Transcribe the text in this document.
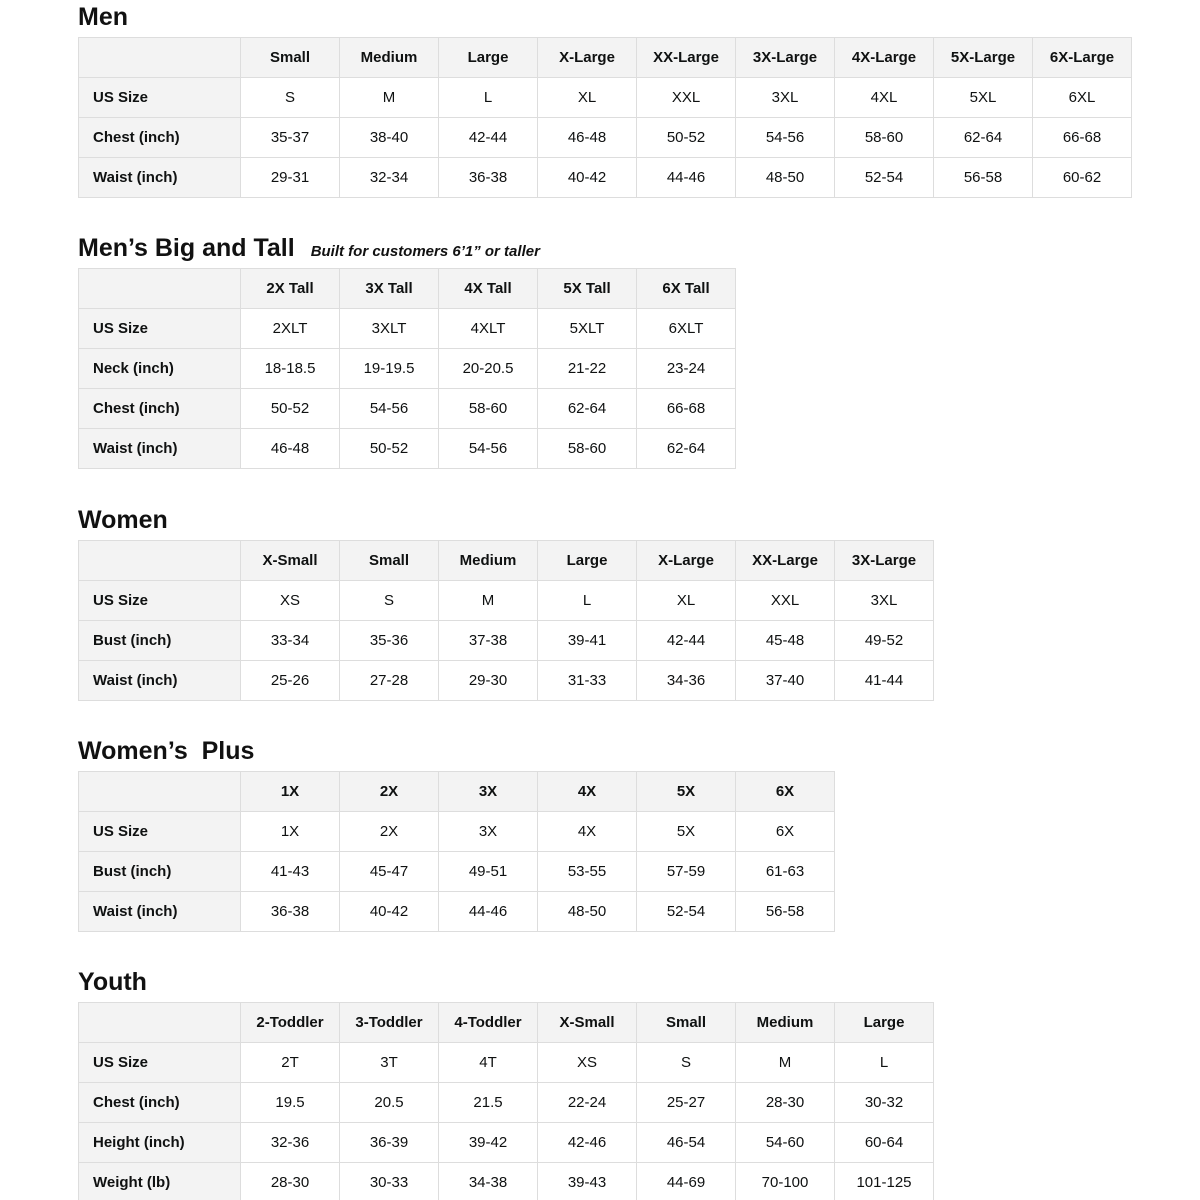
Men
	Small	Medium	Large	X-Large	XX-Large	3X-Large	4X-Large	5X-Large	6X-Large
US Size	S	M	L	XL	XXL	3XL	4XL	5XL	6XL
Chest (inch)	35-37	38-40	42-44	46-48	50-52	54-56	58-60	62-64	66-68
Waist (inch)	29-31	32-34	36-38	40-42	44-46	48-50	52-54	56-58	60-62
Men’s Big and Tall Built for customers 6’1” or taller
	2X Tall	3X Tall	4X Tall	5X Tall	6X Tall
US Size	2XLT	3XLT	4XLT	5XLT	6XLT
Neck (inch)	18-18.5	19-19.5	20-20.5	21-22	23-24
Chest (inch)	50-52	54-56	58-60	62-64	66-68
Waist (inch)	46-48	50-52	54-56	58-60	62-64
Women
	X-Small	Small	Medium	Large	X-Large	XX-Large	3X-Large
US Size	XS	S	M	L	XL	XXL	3XL
Bust (inch)	33-34	35-36	37-38	39-41	42-44	45-48	49-52
Waist (inch)	25-26	27-28	29-30	31-33	34-36	37-40	41-44
Women’s  Plus
	1X	2X	3X	4X	5X	6X
US Size	1X	2X	3X	4X	5X	6X
Bust (inch)	41-43	45-47	49-51	53-55	57-59	61-63
Waist (inch)	36-38	40-42	44-46	48-50	52-54	56-58
Youth
	2-Toddler	3-Toddler	4-Toddler	X-Small	Small	Medium	Large
US Size	2T	3T	4T	XS	S	M	L
Chest (inch)	19.5	20.5	21.5	22-24	25-27	28-30	30-32
Height (inch)	32-36	36-39	39-42	42-46	46-54	54-60	60-64
Weight (lb)	28-30	30-33	34-38	39-43	44-69	70-100	101-125
